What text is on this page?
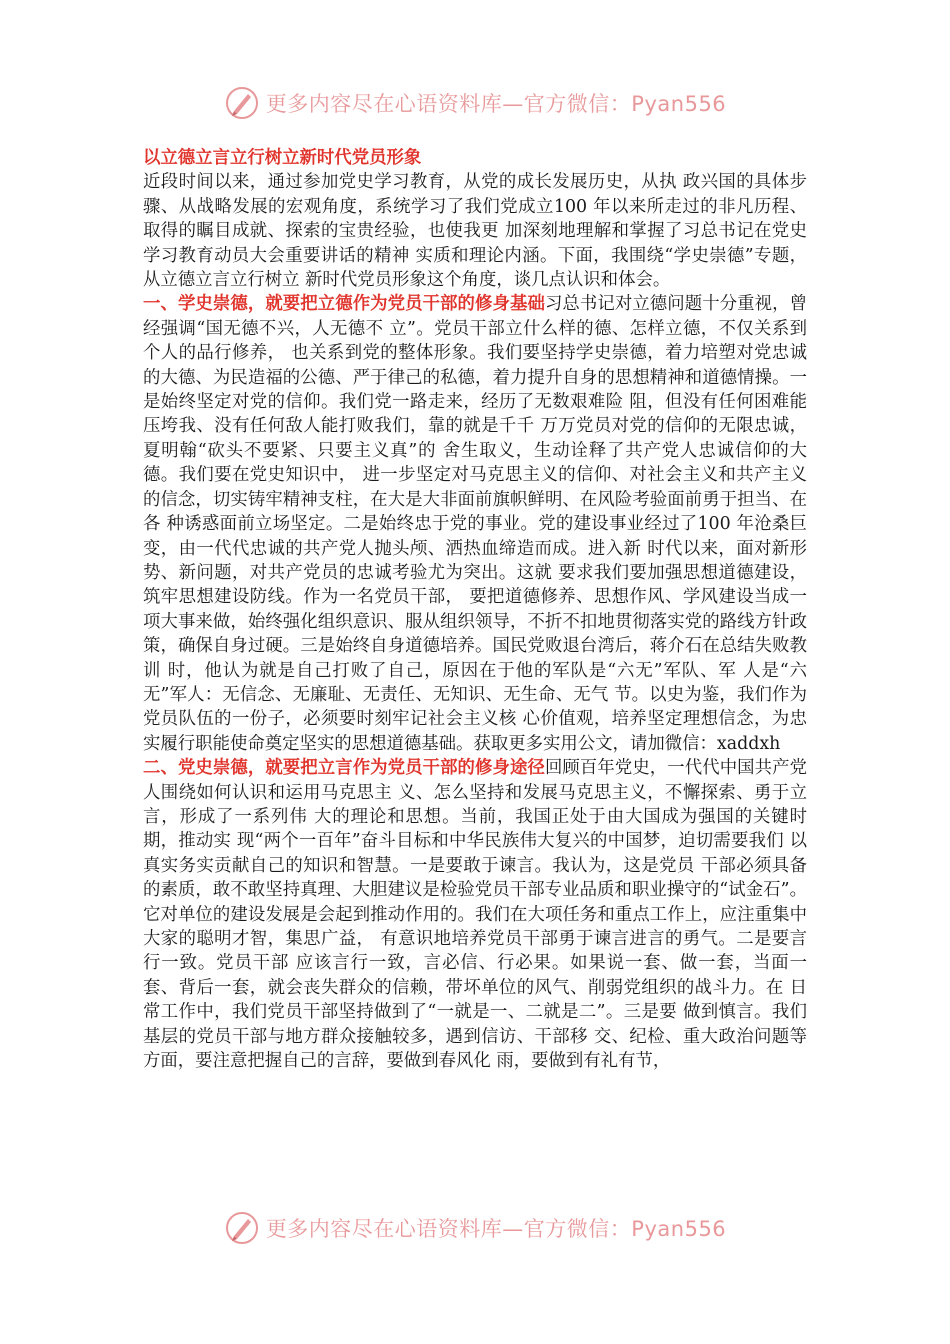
更多内容尽在心语资料库—官方微信：Pyan556

以立德立言立行树立新时代党员形象

近段时间以来，通过参加党史学习教育，从党的成长发展历史，从执 政兴国的具体步骤、从战略发展的宏观角度，系统学习了我们党成立100 年以来所走过的非凡历程、取得的瞩目成就、探索的宝贵经验，也使我更 加深刻地理解和掌握了习总书记在党史学习教育动员大会重要讲话的精神 实质和理论内涵。下面，我围绕“学史崇德”专题，从立德立言立行树立 新时代党员形象这个角度，谈几点认识和体会。

一、学史崇德，就要把立德作为党员干部的修身基础习总书记对立德问题十分重视，曾经强调“国无德不兴，人无德不 立”。党员干部立什么样的德、怎样立德，不仅关系到个人的品行修养， 也关系到党的整体形象。我们要坚持学史崇德，着力培塑对党忠诚的大德、为民造福的公德、严于律己的私德，着力提升自身的思想精神和道德情操。一是始终坚定对党的信仰。我们党一路走来，经历了无数艰难险 阻，但没有任何困难能压垮我、没有任何敌人能打败我们，靠的就是千千 万万党员对党的信仰的无限忠诚，夏明翰“砍头不要紧、只要主义真”的 舍生取义，生动诠释了共产党人忠诚信仰的大德。我们要在党史知识中， 进一步坚定对马克思主义的信仰、对社会主义和共产主义的信念，切实铸牢精神支柱，在大是大非面前旗帜鲜明、在风险考验面前勇于担当、在各 种诱惑面前立场坚定。二是始终忠于党的事业。党的建设事业经过了100 年沧桑巨变，由一代代忠诚的共产党人抛头颅、洒热血缔造而成。进入新 时代以来，面对新形势、新问题，对共产党员的忠诚考验尤为突出。这就 要求我们要加强思想道德建设，筑牢思想建设防线。作为一名党员干部， 要把道德修养、思想作风、学风建设当成一项大事来做，始终强化组织意识、服从组织领导，不折不扣地贯彻落实党的路线方针政策，确保自身过硬。三是始终自身道德培养。国民党败退台湾后，蒋介石在总结失败教训 时，他认为就是自己打败了自己，原因在于他的军队是“六无”军队、军 人是“六无”军人：无信念、无廉耻、无责任、无知识、无生命、无气 节。以史为鉴，我们作为党员队伍的一份子，必须要时刻牢记社会主义核 心价值观，培养坚定理想信念，为忠实履行职能使命奠定坚实的思想道德基础。获取更多实用公文，请加微信：xaddxh

二、党史崇德，就要把立言作为党员干部的修身途径回顾百年党史，一代代中国共产党人围绕如何认识和运用马克思主 义、怎么坚持和发展马克思主义，不懈探索、勇于立言，形成了一系列伟 大的理论和思想。当前，我国正处于由大国成为强国的关键时期，推动实 现“两个一百年”奋斗目标和中华民族伟大复兴的中国梦，迫切需要我们 以真实务实贡献自己的知识和智慧。一是要敢于谏言。我认为，这是党员 干部必须具备的素质，敢不敢坚持真理、大胆建议是检验党员干部专业品质和职业操守的“试金石”。它对单位的建设发展是会起到推动作用的。我们在大项任务和重点工作上，应注重集中大家的聪明才智，集思广益， 有意识地培养党员干部勇于谏言进言的勇气。二是要言行一致。党员干部 应该言行一致，言必信、行必果。如果说一套、做一套，当面一套、背后一套，就会丧失群众的信赖，带坏单位的风气、削弱党组织的战斗力。在 日常工作中，我们党员干部坚持做到了“一就是一、二就是二”。三是要 做到慎言。我们基层的党员干部与地方群众接触较多，遇到信访、干部移 交、纪检、重大政治问题等方面，要注意把握自己的言辞，要做到春风化 雨，要做到有礼有节，

更多内容尽在心语资料库—官方微信：Pyan556
